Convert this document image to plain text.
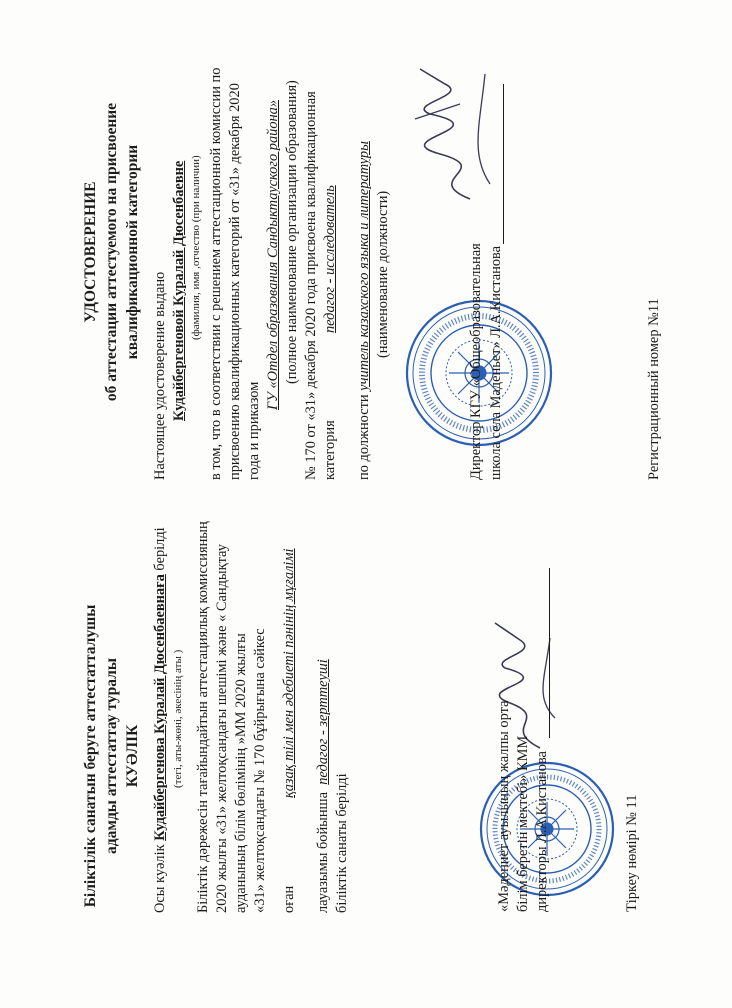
Біліктілік санатын беруге аттестатталушы адамды аттестаттау туралы КУӘЛІК
Осы куәлік Кудайбергенова Куралай Дюсенбаевнаға берілді
(тегі, аты-жөні, әкесінің аты ) Біліктік дәрежесін тағайындайтын аттестациялық комиссияның 2020 жылғы «31» желтоқсандағы шешімі және « Сандықтау ауданының білім бөлімінің »ММ 2020 жылғы «31» желтоқсандағы № 170 бұйрығына сәйкес оған
қазақ тілі мен әдебиеті пәнінің мұғалімі
лауазымы бойынша  педагог - зерттеуші
біліктік санаты берілді	«Мәдениет ауылының жалпы орта білім беретін мектебі» КММ директоры Л.А.Кистанова	Тіркеу нөмірі № 11
УДОСТОВЕРЕНИЕ об аттестации аттестуемого на присвоение квалификационной категории
Настоящее удостоверение выдано Кудайбергеновой Куралай Дюсенбаевне (фамилия, имя ,отчество (при наличии) в том, что в соответствии с решением аттестационной комиссии по присвоению квалификационных категорий от «31» декабря 2020 года и приказом
ГУ «Отдел образования Сандыктауского района» (полное наименование организации образования) № 170 от «31» декабря 2020 года присвоена квалификационная категория  педагог - исследователь
по должности учитель казахского языка и литературы (наименование должности)	Директор КГУ «Общеобразовательная школа села Маденьет» Л.А.Кистанова	Регистрационный номер №11
